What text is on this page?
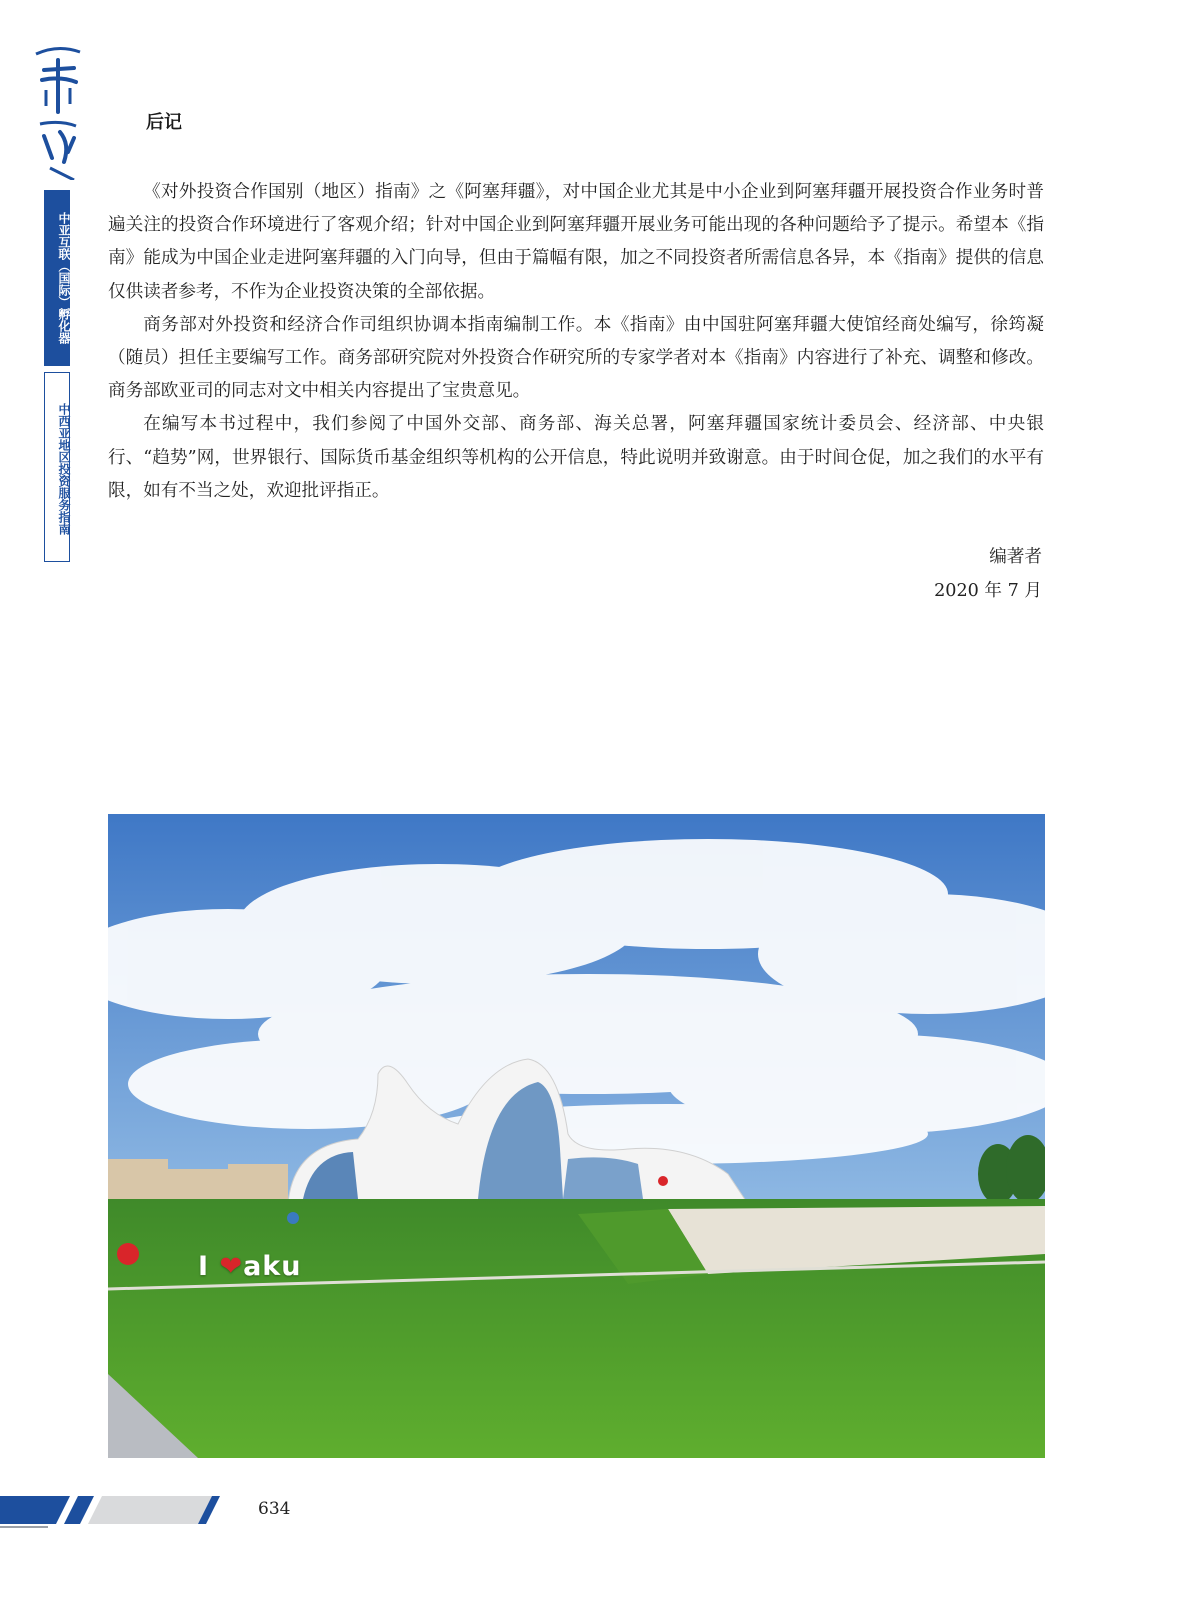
中亚互联（国际）孵化器
中西亚地区投资服务指南
后记

《对外投资合作国别（地区）指南》之《阿塞拜疆》，对中国企业尤其是中小企业到阿塞拜疆开展投资合作业务时普遍关注的投资合作环境进行了客观介绍；针对中国企业到阿塞拜疆开展业务可能出现的各种问题给予了提示。希望本《指南》能成为中国企业走进阿塞拜疆的入门向导，但由于篇幅有限，加之不同投资者所需信息各异，本《指南》提供的信息仅供读者参考，不作为企业投资决策的全部依据。

商务部对外投资和经济合作司组织协调本指南编制工作。本《指南》由中国驻阿塞拜疆大使馆经商处编写，徐筠凝（随员）担任主要编写工作。商务部研究院对外投资合作研究所的专家学者对本《指南》内容进行了补充、调整和修改。商务部欧亚司的同志对文中相关内容提出了宝贵意见。

在编写本书过程中，我们参阅了中国外交部、商务部、海关总署，阿塞拜疆国家统计委员会、经济部、中央银行、“趋势”网，世界银行、国际货币基金组织等机构的公开信息，特此说明并致谢意。由于时间仓促，加之我们的水平有限，如有不当之处，欢迎批评指正。

编著者
2020 年 7 月
I ❤aku
634
